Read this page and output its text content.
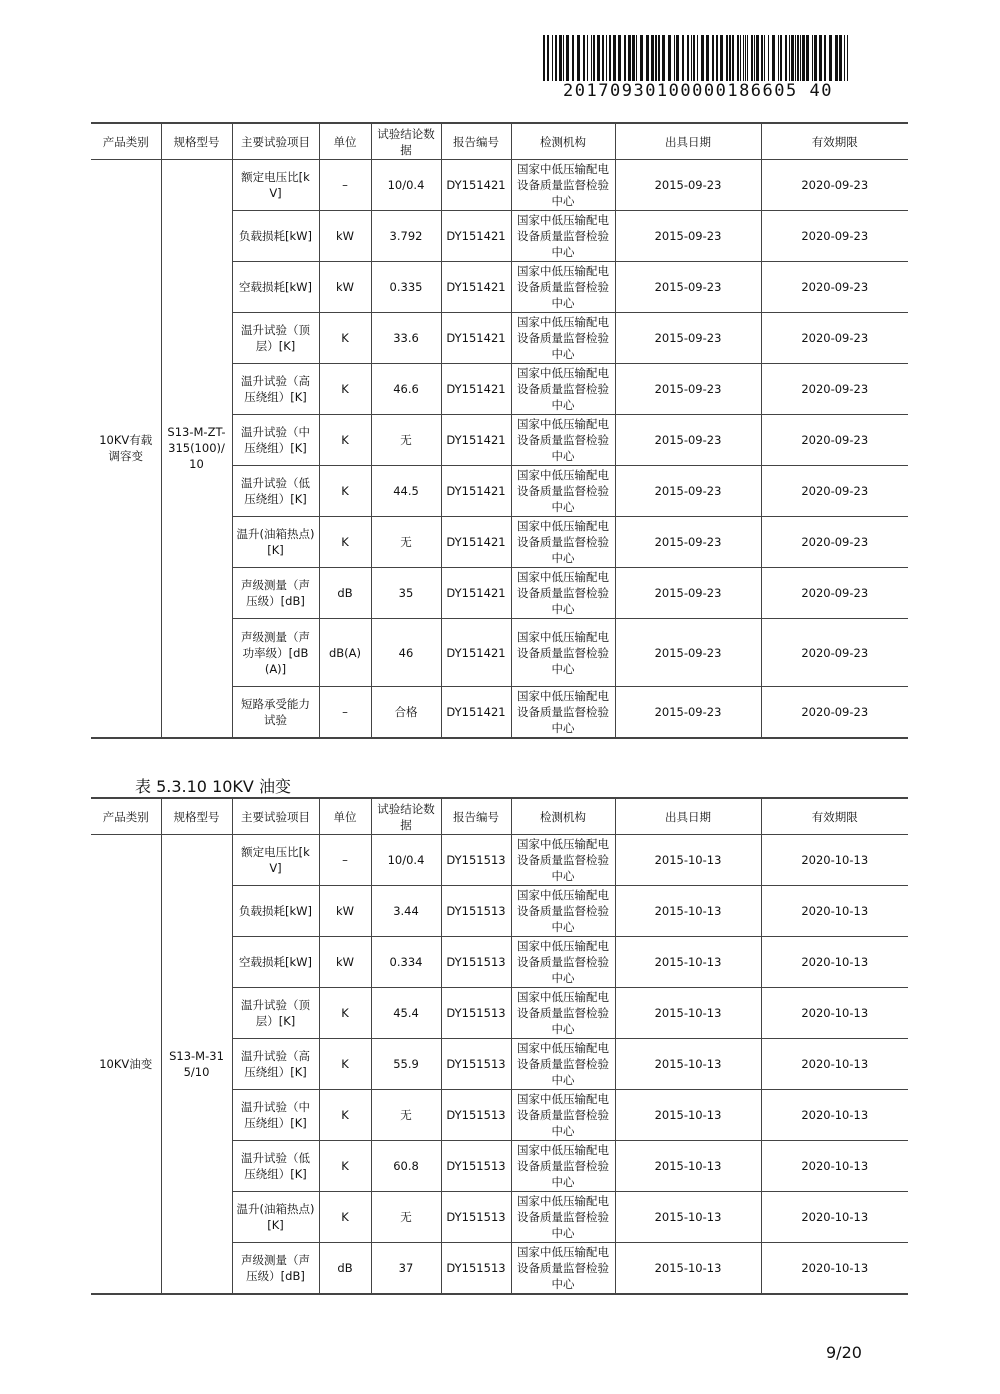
20170930100000186605 40
产品类别	规格型号	主要试验项目	单位	试验结论数据	报告编号	检测机构	出具日期	有效期限
10KV有载调容变	S13-M-ZT-315(100)/10	额定电压比[kV]	–	10/0.4	DY151421	国家中低压输配电设备质量监督检验中心	2015-09-23	2020-09-23
		负载损耗[kW]	kW	3.792	DY151421	国家中低压输配电设备质量监督检验中心	2015-09-23	2020-09-23
		空载损耗[kW]	kW	0.335	DY151421	国家中低压输配电设备质量监督检验中心	2015-09-23	2020-09-23
		温升试验（顶层）[K]	K	33.6	DY151421	国家中低压输配电设备质量监督检验中心	2015-09-23	2020-09-23
		温升试验（高压绕组）[K]	K	46.6	DY151421	国家中低压输配电设备质量监督检验中心	2015-09-23	2020-09-23
		温升试验（中压绕组）[K]	K	无	DY151421	国家中低压输配电设备质量监督检验中心	2015-09-23	2020-09-23
		温升试验（低压绕组）[K]	K	44.5	DY151421	国家中低压输配电设备质量监督检验中心	2015-09-23	2020-09-23
		温升(油箱热点)[K]	K	无	DY151421	国家中低压输配电设备质量监督检验中心	2015-09-23	2020-09-23
		声级测量（声压级）[dB]	dB	35	DY151421	国家中低压输配电设备质量监督检验中心	2015-09-23	2020-09-23
		声级测量（声功率级）[dB(A)]	dB(A)	46	DY151421	国家中低压输配电设备质量监督检验中心	2015-09-23	2020-09-23
		短路承受能力试验	–	合格	DY151421	国家中低压输配电设备质量监督检验中心	2015-09-23	2020-09-23
表 5.3.10 10KV 油变
产品类别	规格型号	主要试验项目	单位	试验结论数据	报告编号	检测机构	出具日期	有效期限
10KV油变	S13-M-315/10	额定电压比[kV]	–	10/0.4	DY151513	国家中低压输配电设备质量监督检验中心	2015-10-13	2020-10-13
		负载损耗[kW]	kW	3.44	DY151513	国家中低压输配电设备质量监督检验中心	2015-10-13	2020-10-13
		空载损耗[kW]	kW	0.334	DY151513	国家中低压输配电设备质量监督检验中心	2015-10-13	2020-10-13
		温升试验（顶层）[K]	K	45.4	DY151513	国家中低压输配电设备质量监督检验中心	2015-10-13	2020-10-13
		温升试验（高压绕组）[K]	K	55.9	DY151513	国家中低压输配电设备质量监督检验中心	2015-10-13	2020-10-13
		温升试验（中压绕组）[K]	K	无	DY151513	国家中低压输配电设备质量监督检验中心	2015-10-13	2020-10-13
		温升试验（低压绕组）[K]	K	60.8	DY151513	国家中低压输配电设备质量监督检验中心	2015-10-13	2020-10-13
		温升(油箱热点)[K]	K	无	DY151513	国家中低压输配电设备质量监督检验中心	2015-10-13	2020-10-13
		声级测量（声压级）[dB]	dB	37	DY151513	国家中低压输配电设备质量监督检验中心	2015-10-13	2020-10-13
9/20
